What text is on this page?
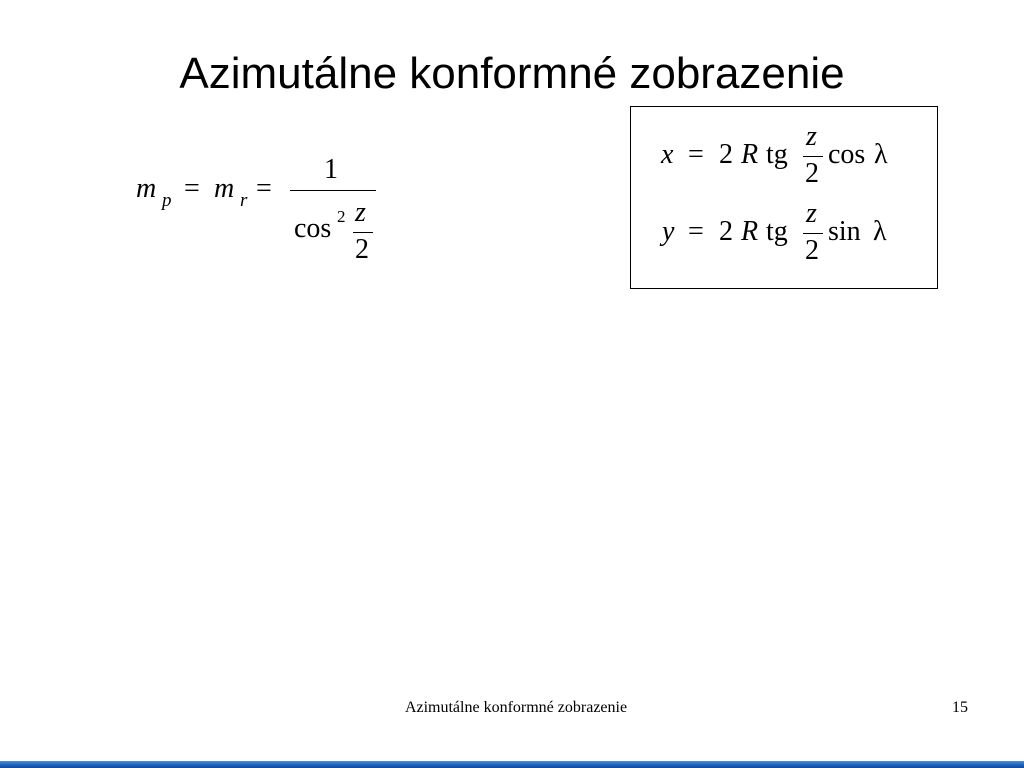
Azimutálne konformné zobrazenie
m p = m r =
1
cos 2 z
2
x = 2 R tg
z
2
cos λ
y = 2 R tg
z
2
sin λ
Azimutálne konformné zobrazenie	15
